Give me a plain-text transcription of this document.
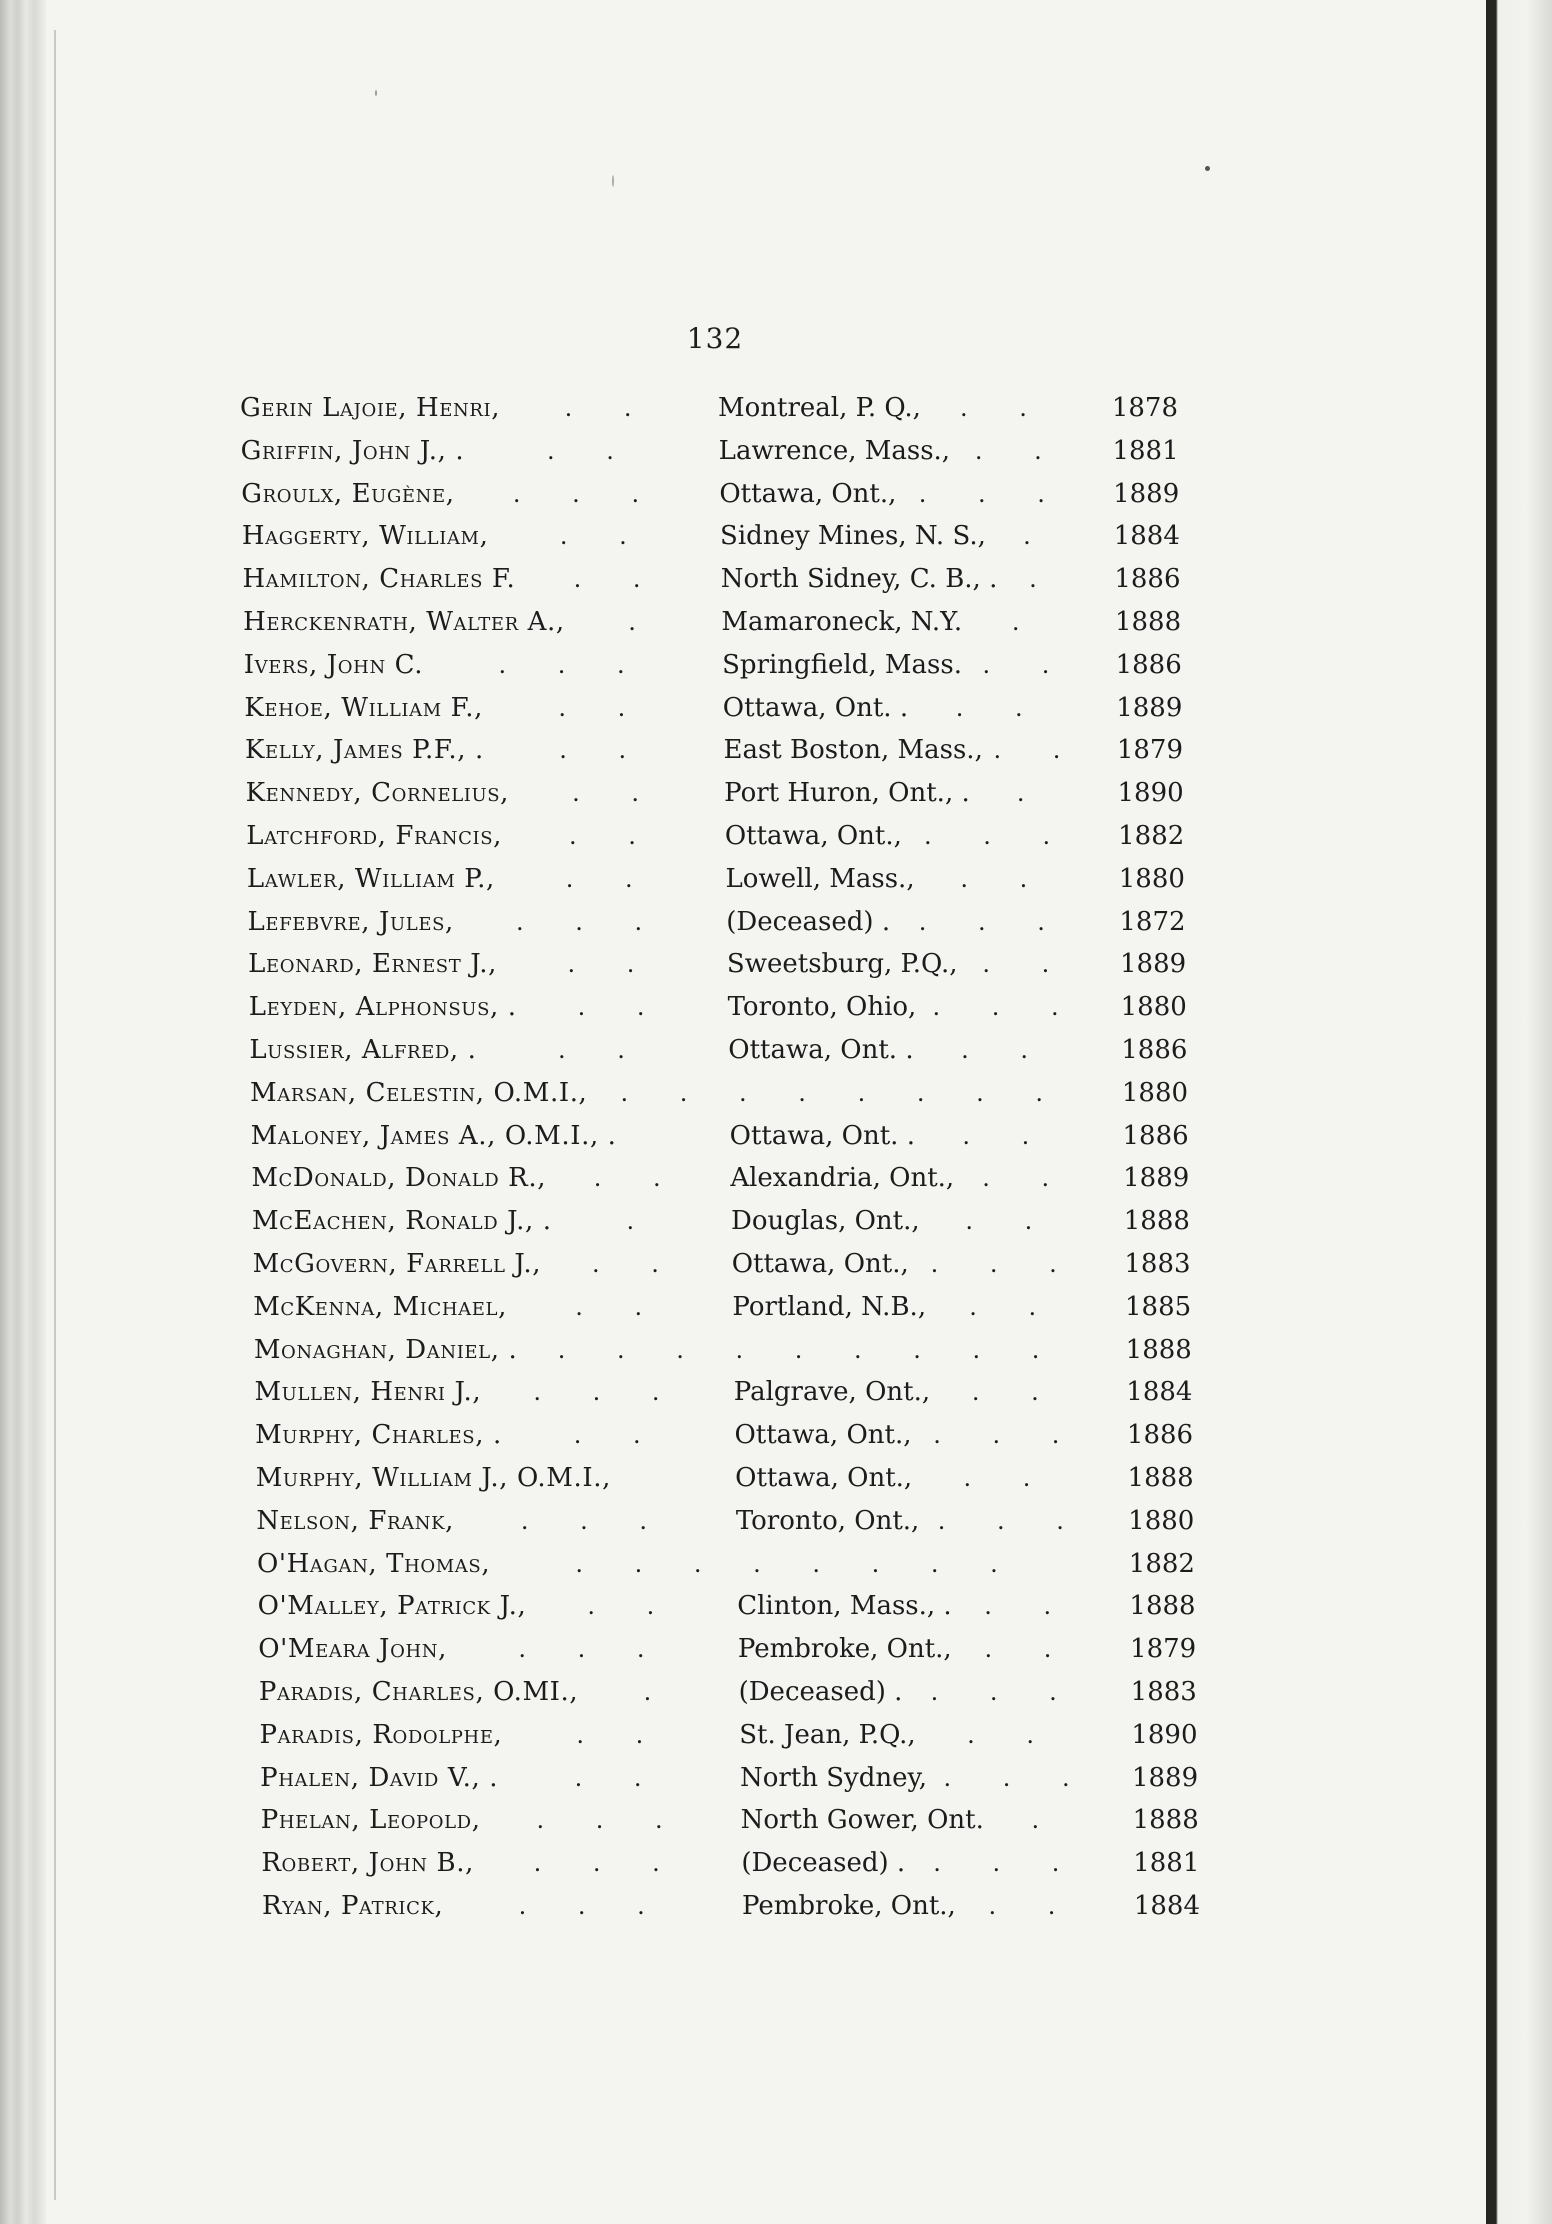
132
Gerin Lajoie, Henri,	. . Montreal, P. Q., . .	1878
Griffin, John J., .	. .	Lawrence, Mass., . .	1881
Groulx, Eugène, . . . Ottawa, Ont., . . .	1889
Haggerty, William,	. .	Sidney Mines, N. S., .	1884
Hamilton, Charles F. . . North Sidney, C. B., . .	1886
Herckenrath, Walter A.,	. Mamaroneck, N.Y. .	1888
Ivers, John C.	. . .	Springfield, Mass. . .	1886
Kehoe, William F.,	. .	Ottawa, Ont. . . .	1889
Kelly, James P.F., .	. .	East Boston, Mass., . .	1879
Kennedy, Cornelius,	. . Port Huron, Ont., . .	1890
Latchford, Francis,	. .	Ottawa, Ont., . . .	1882
Lawler, William P.,	. .	Lowell, Mass., . .	1880
Lefebvre, Jules,	. . . (Deceased) . . . .	1872
Leonard, Ernest J.,	. .	Sweetsburg, P.Q., . .	1889
Leyden, Alphonsus, .	. . Toronto, Ohio, . . .	1880
Lussier, Alfred, .	. .	Ottawa, Ont. . . .	1886
Marsan, Celestin, O.M.I., . . . . . . . .	1880
Maloney, James A., O.M.I., .	Ottawa, Ont. . . .	1886
McDonald, Donald R., . . Alexandria, Ont., . .	1889
McEachen, Ronald J., .	.	Douglas, Ont., . .	1888
McGovern, Farrell J., . . Ottawa, Ont., . . .	1883
McKenna, Michael,	. .	Portland, N.B., . .	1885
Monaghan, Daniel, . . . . . . . . . .	1888
Mullen, Henri J., . . . Palgrave, Ont., . .	1884
Murphy, Charles, .	. .	Ottawa, Ont., . . .	1886
Murphy, William J., O.M.I.,	Ottawa, Ont., . .	1888
Nelson, Frank,	. . .	Toronto, Ont., . . .	1880
O'Hagan, Thomas,	. . . . . . . .	1882
O'Malley, Patrick J.,	. . Clinton, Mass., . . .	1888
O'Meara John,	. . .	Pembroke, Ont., . .	1879
Paradis, Charles, O.MI.,	.	(Deceased) . . . .	1883
Paradis, Rodolphe,	. .	St. Jean, P.Q., . .	1890
Phalen, David V., .	. .	North Sydney, . . .	1889
Phelan, Leopold, . . . North Gower, Ont. .	1888
Robert, John B., . . . (Deceased) . . . .	1881
Ryan, Patrick,	. . .	Pembroke, Ont., . .	1884
